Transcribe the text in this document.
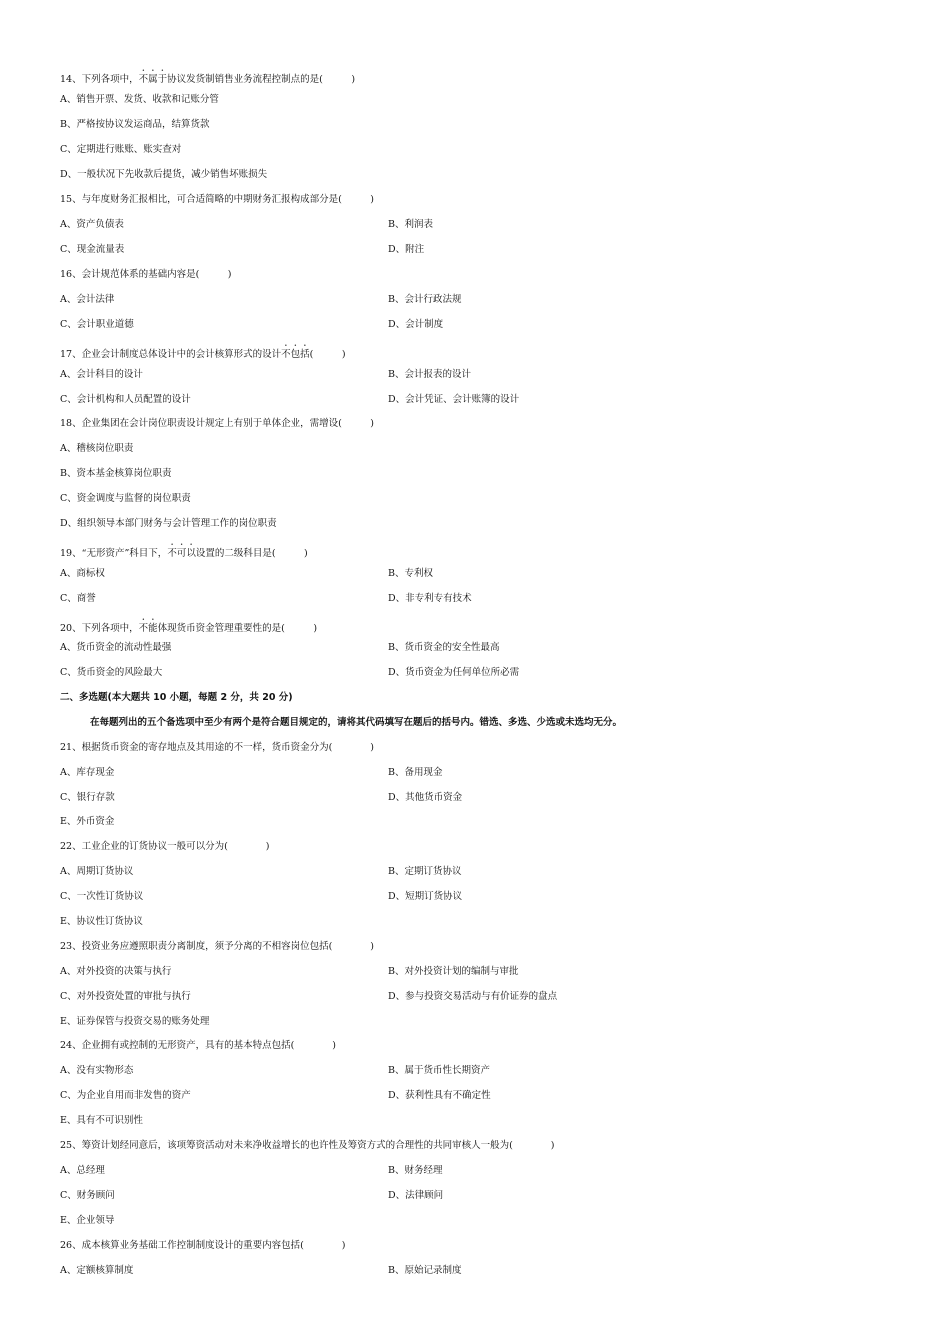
14、下列各项中，不属于协议发货制销售业务流程控制点的是(　　　)
A、销售开票、发货、收款和记账分管
B、严格按协议发运商品，结算货款
C、定期进行账账、账实查对
D、一般状况下先收款后提货，减少销售坏账损失
15、与年度财务汇报相比，可合适简略的中期财务汇报构成部分是(　　　)
A、资产负债表	B、利润表
C、现金流量表	D、附注
16、会计规范体系的基础内容是(　　　)
A、会计法律	B、会计行政法规
C、会计职业道德	D、会计制度
17、企业会计制度总体设计中的会计核算形式的设计不包括(　　　)
A、会计科目的设计	B、会计报表的设计
C、会计机构和人员配置的设计	D、会计凭证、会计账簿的设计
18、企业集团在会计岗位职责设计规定上有别于单体企业，需增设(　　　)
A、稽核岗位职责
B、资本基金核算岗位职责
C、资金调度与监督的岗位职责
D、组织领导本部门财务与会计管理工作的岗位职责
19、“无形资产”科目下，不可以设置的二级科目是(　　　)
A、商标权	B、专利权
C、商誉	D、非专利专有技术
20、下列各项中，不能体现货币资金管理重要性的是(　　　)
A、货币资金的流动性最强	B、货币资金的安全性最高
C、货币资金的风险最大	D、货币资金为任何单位所必需
二、多选题(本大题共 10 小题，每题 2 分，共 20 分)
在每题列出的五个备选项中至少有两个是符合题目规定的，请将其代码填写在题后的括号内。错选、多选、少选或未选均无分。
21、根据货币资金的寄存地点及其用途的不一样，货币资金分为(　　　　)
A、库存现金	B、备用现金
C、银行存款	D、其他货币资金
E、外币资金
22、工业企业的订货协议一般可以分为(　　　　)
A、周期订货协议	B、定期订货协议
C、一次性订货协议	D、短期订货协议
E、协议性订货协议
23、投资业务应遵照职责分离制度，须予分离的不相容岗位包括(　　　　)
A、对外投资的决策与执行	B、对外投资计划的编制与审批
C、对外投资处置的审批与执行	D、参与投资交易活动与有价证券的盘点
E、证券保管与投资交易的账务处理
24、企业拥有或控制的无形资产，具有的基本特点包括(　　　　)
A、没有实物形态	B、属于货币性长期资产
C、为企业自用而非发售的资产	D、获利性具有不确定性
E、具有不可识别性
25、筹资计划经同意后，该项筹资活动对未来净收益增长的也许性及筹资方式的合理性的共同审核人一般为(　　　　)
A、总经理	B、财务经理
C、财务顾问	D、法律顾问
E、企业领导
26、成本核算业务基础工作控制制度设计的重要内容包括(　　　　)
A、定额核算制度	B、原始记录制度
